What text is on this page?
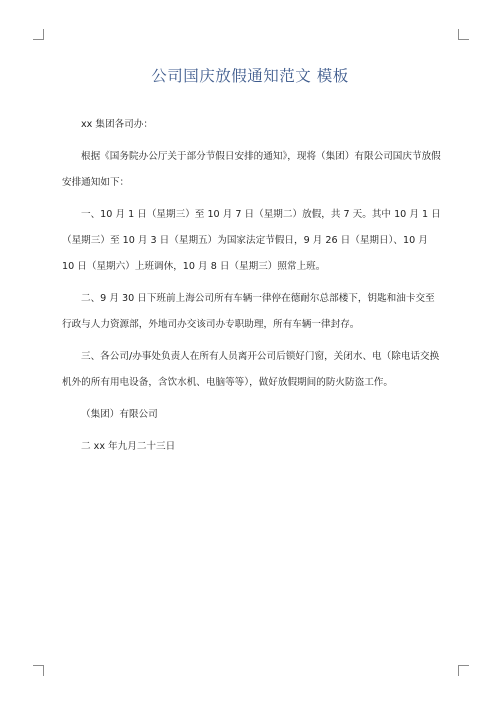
公司国庆放假通知范文 模板

xx 集团各司办：

根据《国务院办公厅关于部分节假日安排的通知》，现将（集团）有限公司国庆节放假安排通知如下：

一、10 月 1 日（星期三）至 10 月 7 日（星期二）放假，共 7 天。其中 10 月 1 日（星期三）至 10 月 3 日（星期五）为国家法定节假日，9 月 26 日（星期日）、10 月 10 日（星期六）上班调休，10 月 8 日（星期三）照常上班。

二、9 月 30 日下班前上海公司所有车辆一律停在德耐尔总部楼下，钥匙和油卡交至行政与人力资源部，外地司办交该司办专职助理，所有车辆一律封存。

三、各公司/办事处负责人在所有人员离开公司后锁好门窗，关闭水、电（除电话交换机外的所有用电设备，含饮水机、电脑等等），做好放假期间的防火防盗工作。

（集团）有限公司

二 xx 年九月二十三日
